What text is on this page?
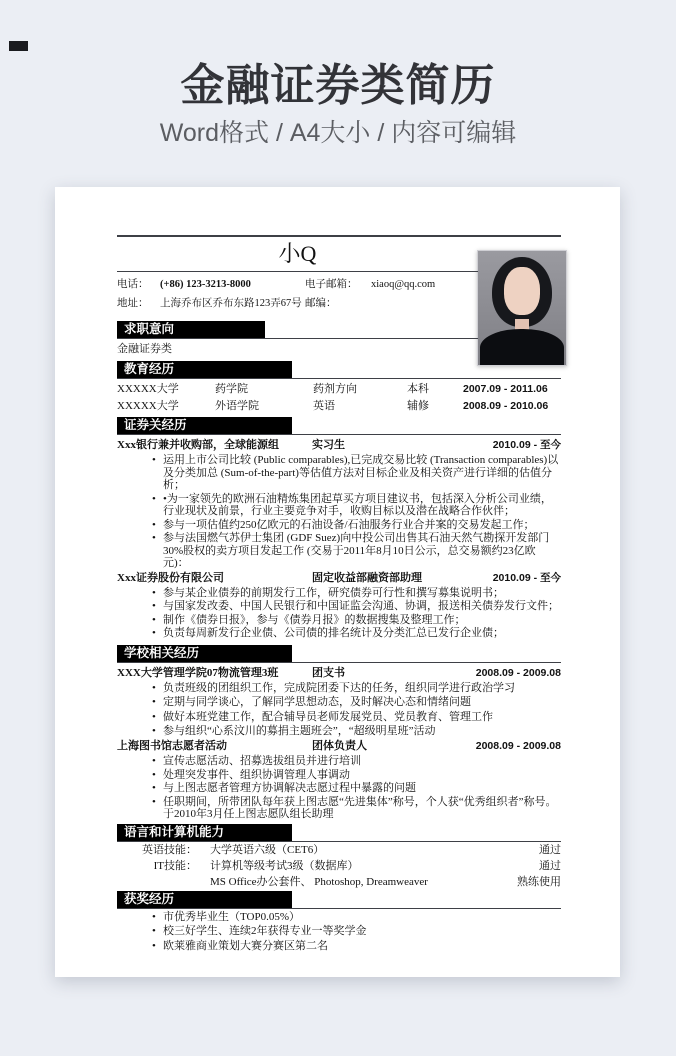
金融证券类简历
Word格式 / A4大小 / 内容可编辑
小Q
电话：	(+86) 123-3213-8000	电子邮箱：	xiaoq@qq.com
地址：	上海乔布区乔布东路123弄67号 邮编：
求职意向
金融证券类
教育经历
XXXXX大学	药学院	药剂方向	本科	2007.09 - 2011.06
XXXXX大学	外语学院	英语	辅修	2008.09 - 2010.06
证券关经历
Xxx银行兼并收购部，全球能源组	实习生	2010.09 - 至今
• 运用上市公司比较 (Public comparables),已完成交易比较 (Transaction comparables)以及分类加总 (Sum-of-the-part)等估值方法对目标企业及相关资产进行详细的估值分析；
• •为一家领先的欧洲石油精炼集团起草买方项目建议书，包括深入分析公司业绩，行业现状及前景，行业主要竞争对手，收购目标以及潜在战略合作伙伴；
• 参与一项估值约250亿欧元的石油设备/石油服务行业合并案的交易发起工作；
• 参与法国燃气苏伊士集团 (GDF Suez)向中投公司出售其石油天然气勘探开发部门30%股权的卖方项目发起工作 (交易于2011年8月10日公示，总交易额约23亿欧元)：
Xxx证券股份有限公司	固定收益部融资部助理	2010.09 - 至今
• 参与某企业债券的前期发行工作，研究债券可行性和撰写募集说明书；
• 与国家发改委、中国人民银行和中国证监会沟通、协调，报送相关债券发行文件；
• 制作《债券日报》，参与《债券月报》的数据搜集及整理工作；
• 负责每周新发行企业债、公司债的排名统计及分类汇总已发行企业债；
学校相关经历
XXX大学管理学院07物流管理3班	团支书	2008.09 - 2009.08
• 负责班级的团组织工作，完成院团委下达的任务，组织同学进行政治学习
• 定期与同学谈心，了解同学思想动态，及时解决心态和情绪问题
• 做好本班党建工作，配合辅导员老师发展党员、党员教育、管理工作
• 参与组织“心系汶川的募捐主题班会”，“超级明星班”活动
上海图书馆志愿者活动	团体负责人	2008.09 - 2009.08
• 宣传志愿活动、招募选拔组员并进行培训
• 处理突发事件、组织协调管理人事调动
• 与上图志愿者管理方协调解决志愿过程中暴露的问题
• 任职期间，所带团队每年获上图志愿“先进集体”称号，个人获“优秀组织者”称号。于2010年3月任上图志愿队组长助理
语言和计算机能力
英语技能： 大学英语六级（CET6）	通过
IT技能： 计算机等级考试3级（数据库）	通过
MS Office办公套件、 Photoshop, Dreamweaver	熟练使用
获奖经历
• 市优秀毕业生（TOP0.05%）
• 校三好学生、连续2年获得专业一等奖学金
• 欧莱雅商业策划大赛分赛区第二名
